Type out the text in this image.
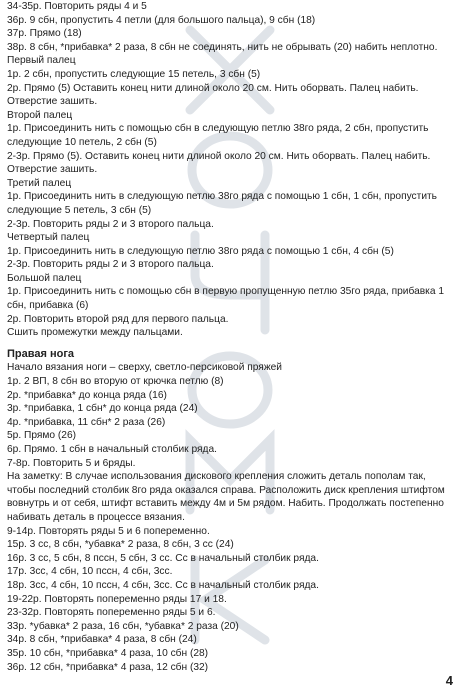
34-35р. Повторить ряды 4 и 5
36р. 9 сбн, пропустить 4 петли (для большого пальца), 9 сбн (18)
37р. Прямо (18)
38р. 8 сбн, *прибавка* 2 раза, 8 сбн не соединять, нить не обрывать (20) набить неплотно.
Первый палец
1р. 2 сбн, пропустить следующие 15 петель, 3 сбн (5)
2р. Прямо (5) Оставить конец нити длиной около 20 см. Нить оборвать. Палец набить.
Отверстие зашить.
Второй палец
1р. Присоединить нить с помощью сбн в следующую петлю 38го ряда, 2 сбн, пропустить
следующие 10 петель, 2 сбн (5)
2-3р. Прямо (5). Оставить конец нити длиной около 20 см. Нить оборвать. Палец набить.
Отверстие зашить.
Третий палец
1р. Присоединить нить в следующую петлю 38го ряда с помощью 1 сбн, 1 сбн, пропустить
следующие 5 петель, 3 сбн (5)
2-3р. Повторить ряды 2 и 3 второго пальца.
Четвертый палец
1р. Присоединить нить в следующую петлю 38го ряда с помощью 1 сбн, 4 сбн (5)
2-3р. Повторить ряды 2 и 3 второго пальца.
Большой палец
1р. Присоединить нить с помощью сбн в первую пропущенную петлю 35го ряда, прибавка 1
сбн, прибавка (6)
2р. Повторить второй ряд для первого пальца.
Сшить промежутки между пальцами.
Правая нога
Начало вязания ноги – сверху, светло-персиковой пряжей
1р. 2 ВП, 8 сбн во вторую от крючка петлю (8)
2р. *прибавка* до конца ряда (16)
3р. *прибавка, 1 сбн* до конца ряда (24)
4р. *прибавка, 11 сбн* 2 раза (26)
5р. Прямо (26)
6р. Прямо. 1 сбн в начальный столбик ряда.
7-8р. Повторить 5 и 6ряды.
На заметку: В случае использования дискового крепления сложить деталь пополам так,
чтобы последний столбик 8го ряда оказался справа. Расположить диск крепления штифтом
вовнутрь и от себя, штифт вставить между 4м и 5м рядом. Набить. Продолжать постепенно
набивать деталь в процессе вязания.
9-14р. Повторять ряды 5 и 6 попеременно.
15р. 3 сс, 8 сбн, *убавка* 2 раза, 8 сбн, 3 сс (24)
16р. 3 сс, 5 сбн, 8 пссн, 5 сбн, 3 сс. Сс в начальный столбик ряда.
17р. 3сс, 4 сбн, 10 пссн, 4 сбн, 3сс.
18р. 3сс, 4 сбн, 10 пссн, 4 сбн, 3сс. Сс в начальный столбик ряда.
19-22р. Повторять попеременно ряды 17 и 18.
23-32р. Повторять попеременно ряды 5 и 6.
33р. *убавка* 2 раза, 16 сбн, *убавка* 2 раза (20)
34р. 8 сбн, *прибавка* 4 раза, 8 сбн (24)
35р. 10 сбн, *прибавка* 4 раза, 10 сбн (28)
36р. 12 сбн, *прибавка* 4 раза, 12 сбн (32)
4
